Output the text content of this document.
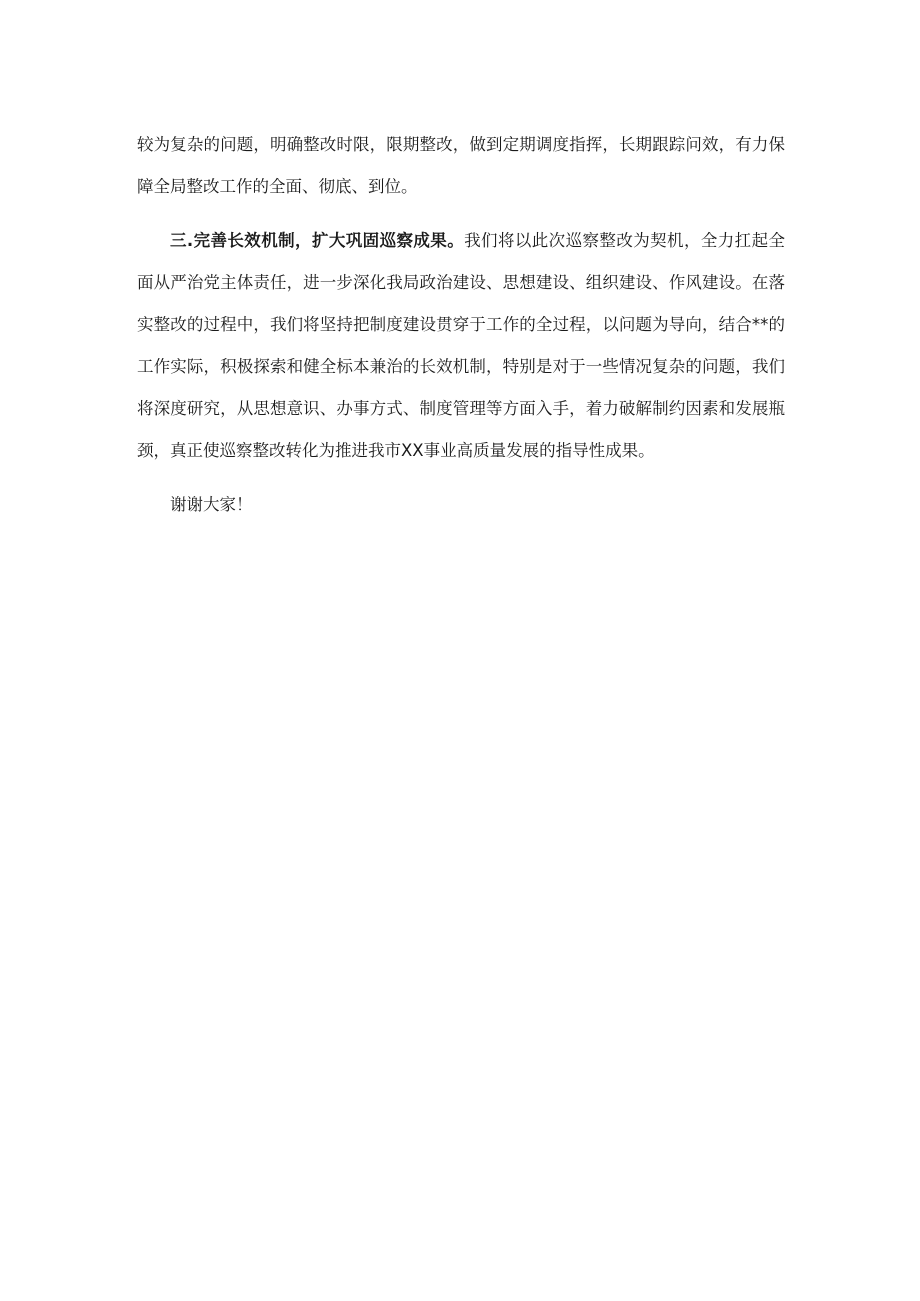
较为复杂的问题，明确整改时限，限期整改，做到定期调度指挥，长期跟踪问效，有力保障全局整改工作的全面、彻底、到位。

三.完善长效机制，扩大巩固巡察成果。我们将以此次巡察整改为契机，全力扛起全面从严治党主体责任，进一步深化我局政治建设、思想建设、组织建设、作风建设。在落实整改的过程中，我们将坚持把制度建设贯穿于工作的全过程，以问题为导向，结合**的工作实际，积极探索和健全标本兼治的长效机制，特别是对于一些情况复杂的问题，我们将深度研究，从思想意识、办事方式、制度管理等方面入手，着力破解制约因素和发展瓶颈，真正使巡察整改转化为推进我市XX事业高质量发展的指导性成果。

谢谢大家！
